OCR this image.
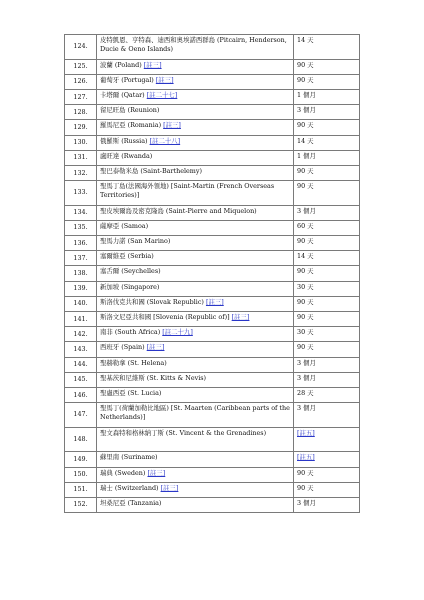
124.	皮特凱恩、亨特森、迪西和奧埃諾西群島 (Pitcairn, Henderson, Ducie & Oeno Islands)	14 天
125.	波蘭 (Poland) [註三]	90 天
126.	葡萄牙 (Portugal) [註三]	90 天
127.	卡塔爾 (Qatar) [註二十七]	1 個月
128.	留尼旺島 (Reunion)	3 個月
129.	羅馬尼亞 (Romania) [註三]	90 天
130.	俄羅斯 (Russia) [註二十八]	14 天
131.	盧旺達 (Rwanda)	1 個月
132.	聖巴泰勒米島 (Saint-Barthelemy)	90 天
133.	聖馬丁島(法國海外領地) [Saint-Martin (French Overseas Territories)]	90 天
134.	聖皮埃爾島及密克隆島 (Saint-Pierre and Miquelon)	3 個月
135.	薩摩亞 (Samoa)	60 天
136.	聖馬力諾 (San Marino)	90 天
137.	塞爾維亞 (Serbia)	14 天
138.	塞舌爾 (Seychelles)	90 天
139.	新加坡 (Singapore)	30 天
140.	斯洛伐克共和國 (Slovak Republic) [註三]	90 天
141.	斯洛文尼亞共和國 [Slovenia (Republic of)] [註三]	90 天
142.	南非 (South Africa) [註二十九]	30 天
143.	西班牙 (Spain) [註三]	90 天
144.	聖赫勒拿 (St. Helena)	3 個月
145.	聖基茨和尼維斯 (St. Kitts & Nevis)	3 個月
146.	聖盧西亞 (St. Lucia)	28 天
147.	聖馬丁(荷蘭加勒比地區) [St. Maarten (Caribbean parts of the Netherlands)]	3 個月
148.	聖文森特和格林納丁斯 (St. Vincent & the Grenadines)	[註五]
149.	蘇里南 (Suriname)	[註五]
150.	瑞典 (Sweden) [註三]	90 天
151.	瑞士 (Switzerland) [註三]	90 天
152.	坦桑尼亞 (Tanzania)	3 個月
